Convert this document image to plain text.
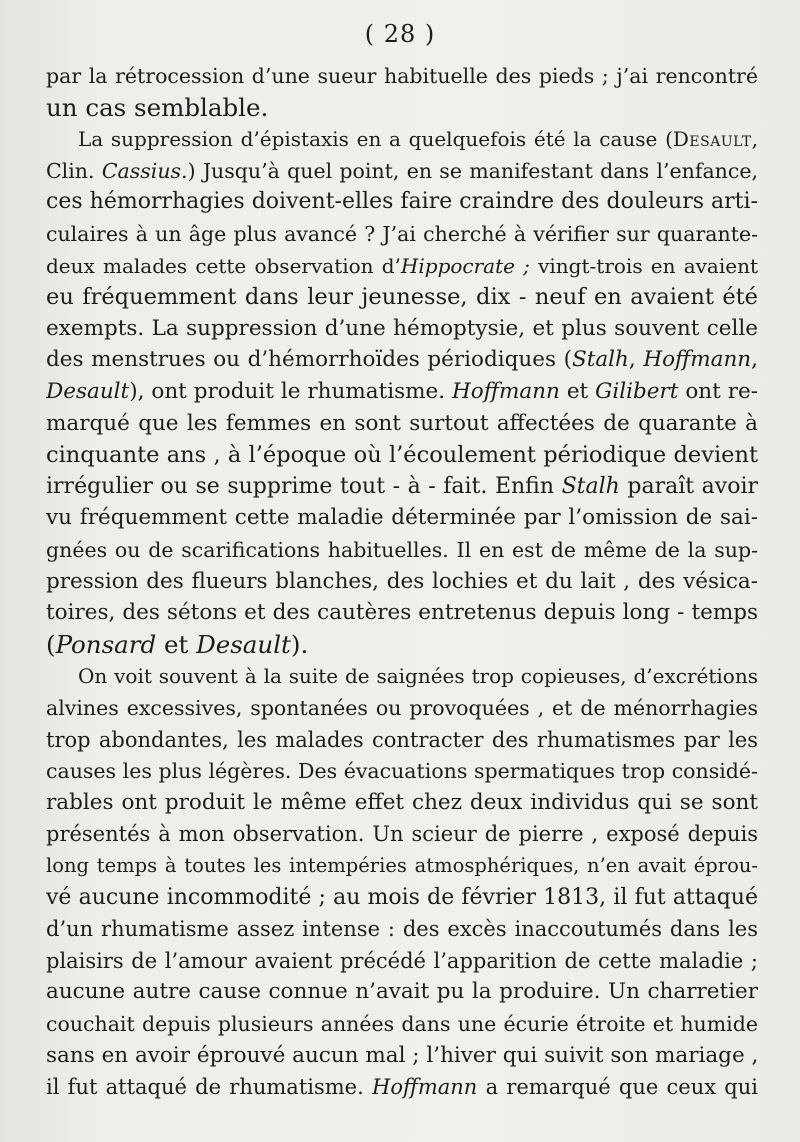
( 28 )
par la rétrocession d’une sueur habituelle des pieds ; j’ai rencontré
un cas semblable.
La suppression d’épistaxis en a quelquefois été la cause (Desault,
Clin. Cassius.) Jusqu’à quel point, en se manifestant dans l’enfance,
ces hémorrhagies doivent-elles faire craindre des douleurs arti-
culaires à un âge plus avancé ? J’ai cherché à vérifier sur quarante-
deux malades cette observation d’Hippocrate ; vingt-trois en avaient
eu fréquemment dans leur jeunesse, dix - neuf en avaient été
exempts. La suppression d’une hémoptysie, et plus souvent celle
des menstrues ou d’hémorrhoïdes périodiques (Stalh, Hoffmann,
Desault), ont produit le rhumatisme. Hoffmann et Gilibert ont re-
marqué que les femmes en sont surtout affectées de quarante à
cinquante ans , à l’époque où l’écoulement périodique devient
irrégulier ou se supprime tout - à - fait. Enfin Stalh paraît avoir
vu fréquemment cette maladie déterminée par l’omission de sai-
gnées ou de scarifications habituelles. Il en est de même de la sup-
pression des flueurs blanches, des lochies et du lait , des vésica-
toires, des sétons et des cautères entretenus depuis long - temps
(Ponsard et Desault).
On voit souvent à la suite de saignées trop copieuses, d’excrétions
alvines excessives, spontanées ou provoquées , et de ménorrhagies
trop abondantes, les malades contracter des rhumatismes par les
causes les plus légères. Des évacuations spermatiques trop considé-
rables ont produit le même effet chez deux individus qui se sont
présentés à mon observation. Un scieur de pierre , exposé depuis
long temps à toutes les intempéries atmosphériques, n’en avait éprou-
vé aucune incommodité ; au mois de février 1813, il fut attaqué
d’un rhumatisme assez intense : des excès inaccoutumés dans les
plaisirs de l’amour avaient précédé l’apparition de cette maladie ;
aucune autre cause connue n’avait pu la produire. Un charretier
couchait depuis plusieurs années dans une écurie étroite et humide
sans en avoir éprouvé aucun mal ; l’hiver qui suivit son mariage ,
il fut attaqué de rhumatisme. Hoffmann a remarqué que ceux qui
